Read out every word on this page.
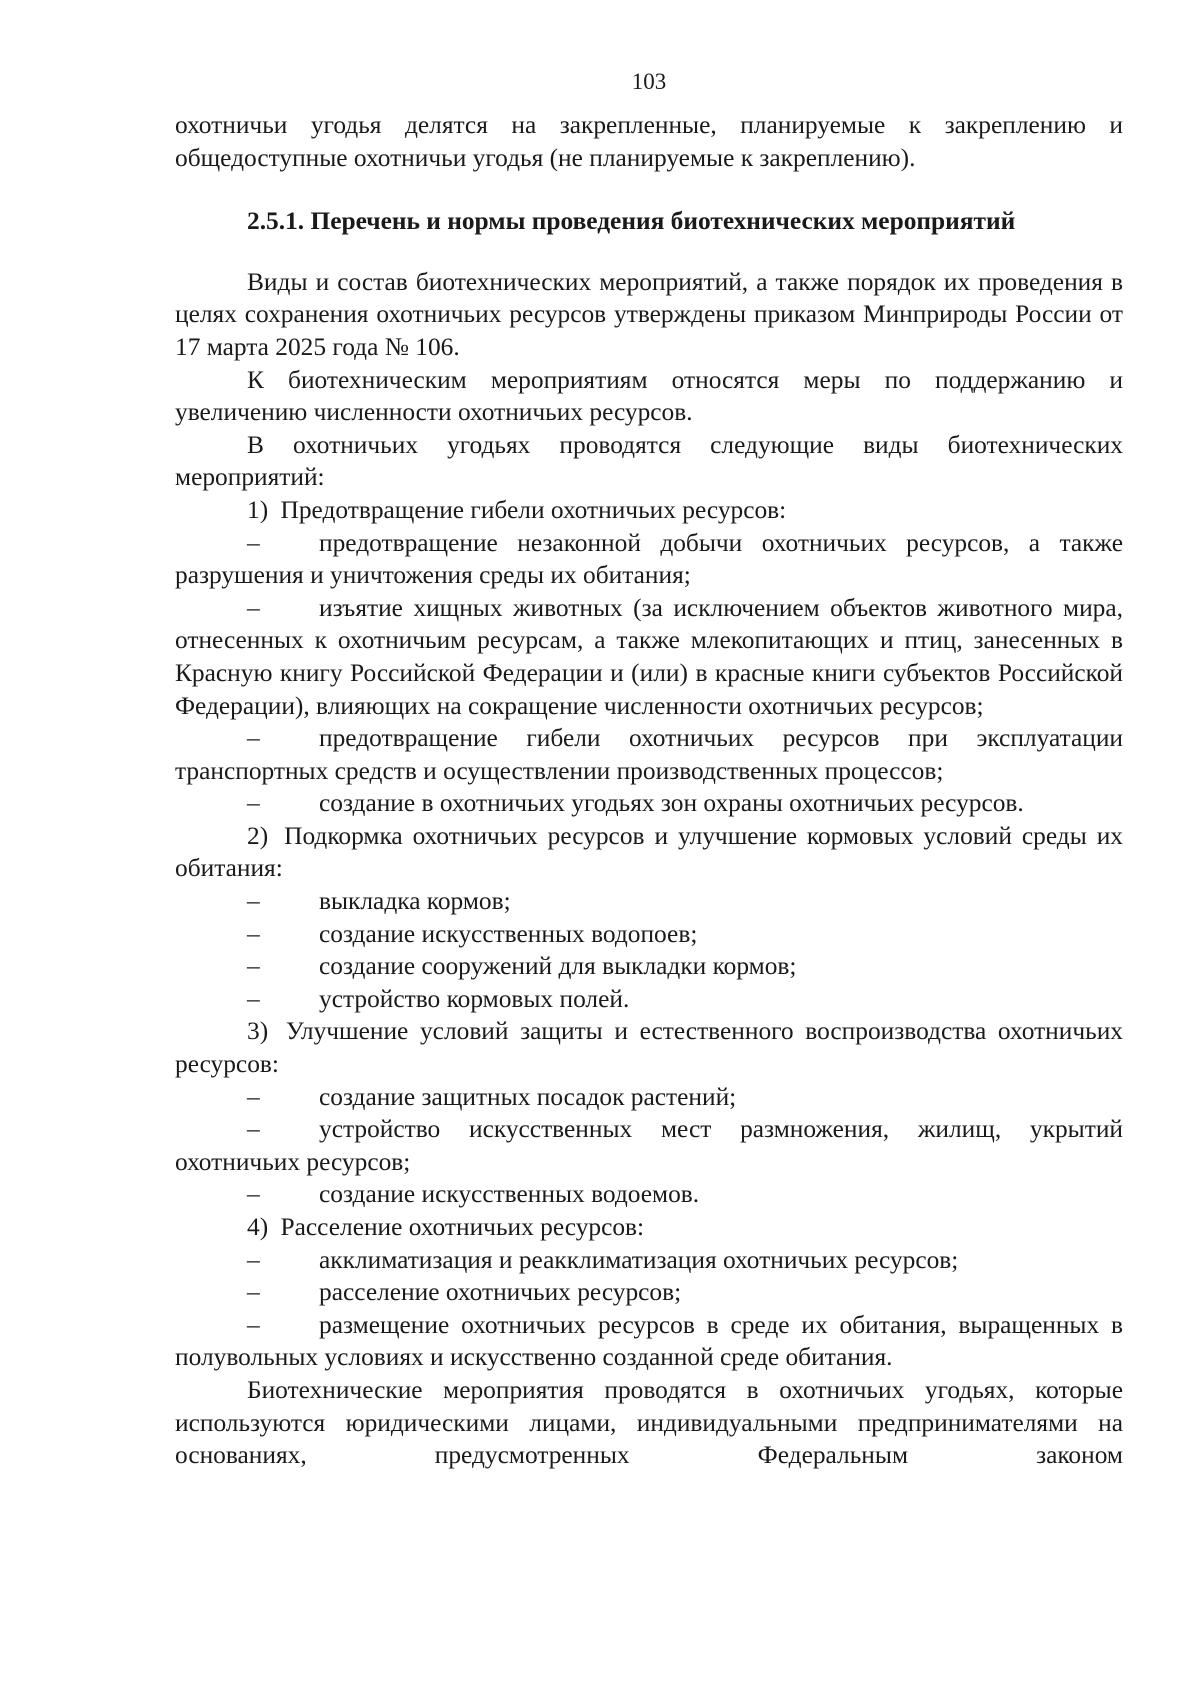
103

охотничьи угодья делятся на закрепленные, планируемые к закреплению и общедоступные охотничьи угодья (не планируемые к закреплению).

2.5.1. Перечень и нормы проведения биотехнических мероприятий

Виды и состав биотехнических мероприятий, а также порядок их проведения в целях сохранения охотничьих ресурсов утверждены приказом Минприроды России от 17 марта 2025 года № 106.

К биотехническим мероприятиям относятся меры по поддержанию и увеличению численности охотничьих ресурсов.

В охотничьих угодьях проводятся следующие виды биотехнических мероприятий:

1) Предотвращение гибели охотничьих ресурсов:

– предотвращение незаконной добычи охотничьих ресурсов, а также разрушения и уничтожения среды их обитания;

– изъятие хищных животных (за исключением объектов животного мира, отнесенных к охотничьим ресурсам, а также млекопитающих и птиц, занесенных в Красную книгу Российской Федерации и (или) в красные книги субъектов Российской Федерации), влияющих на сокращение численности охотничьих ресурсов;

– предотвращение гибели охотничьих ресурсов при эксплуатации транспортных средств и осуществлении производственных процессов;

– создание в охотничьих угодьях зон охраны охотничьих ресурсов.

2) Подкормка охотничьих ресурсов и улучшение кормовых условий среды их обитания:

– выкладка кормов;

– создание искусственных водопоев;

– создание сооружений для выкладки кормов;

– устройство кормовых полей.

3) Улучшение условий защиты и естественного воспроизводства охотничьих ресурсов:

– создание защитных посадок растений;

– устройство искусственных мест размножения, жилищ, укрытий охотничьих ресурсов;

– создание искусственных водоемов.

4) Расселение охотничьих ресурсов:

– акклиматизация и реакклиматизация охотничьих ресурсов;

– расселение охотничьих ресурсов;

– размещение охотничьих ресурсов в среде их обитания, выращенных в полувольных условиях и искусственно созданной среде обитания.

Биотехнические мероприятия проводятся в охотничьих угодьях, которые используются юридическими лицами, индивидуальными предпринимателями на основаниях, предусмотренных Федеральным законом
